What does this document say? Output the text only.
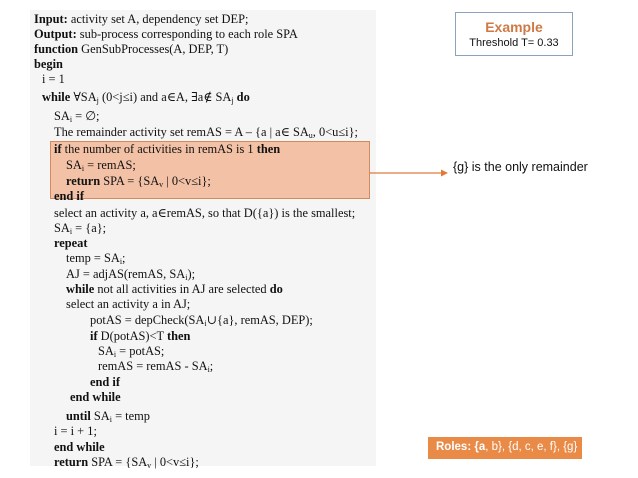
Input: activity set A, dependency set DEP;
Output: sub-process corresponding to each role SPA
function GenSubProcesses(A, DEP, T)
begin
i = 1
while $\forall SA_j$ (0<j≤i) and a∈A, ∃a∉ $SA_j$ do
$SA_i$ = ∅;
The remainder activity set remAS = A – {a | a∈ $SA_u$, 0<u≤i};
if the number of activities in remAS is 1 then
$SA_i$ = remAS;
return SPA = {$SA_v$ | 0<v≤i};
end if
select an activity a, a∈remAS, so that D({a}) is the smallest;
$SA_i = \{a\}$;
repeat
temp = $SA_i$;
AJ = adjAS(remAS, $SA_i$);
while not all activities in AJ are selected do
select an activity a in AJ;
potAS = $depCheck(SA_i\cup\{a\}$, remAS, DEP);
if D(potAS)<T then
$SA_i$ = potAS;
remAS = remAS - $SA_i$;
end if
end while
until $SA_i$ = temp
i = i + 1;
end while
return SPA = {$SA_v$ | 0<v≤i};
Example
Threshold T= 0.33
{g} is the only remainder
Roles: {a, b}, {d, c, e, f}, {g}
